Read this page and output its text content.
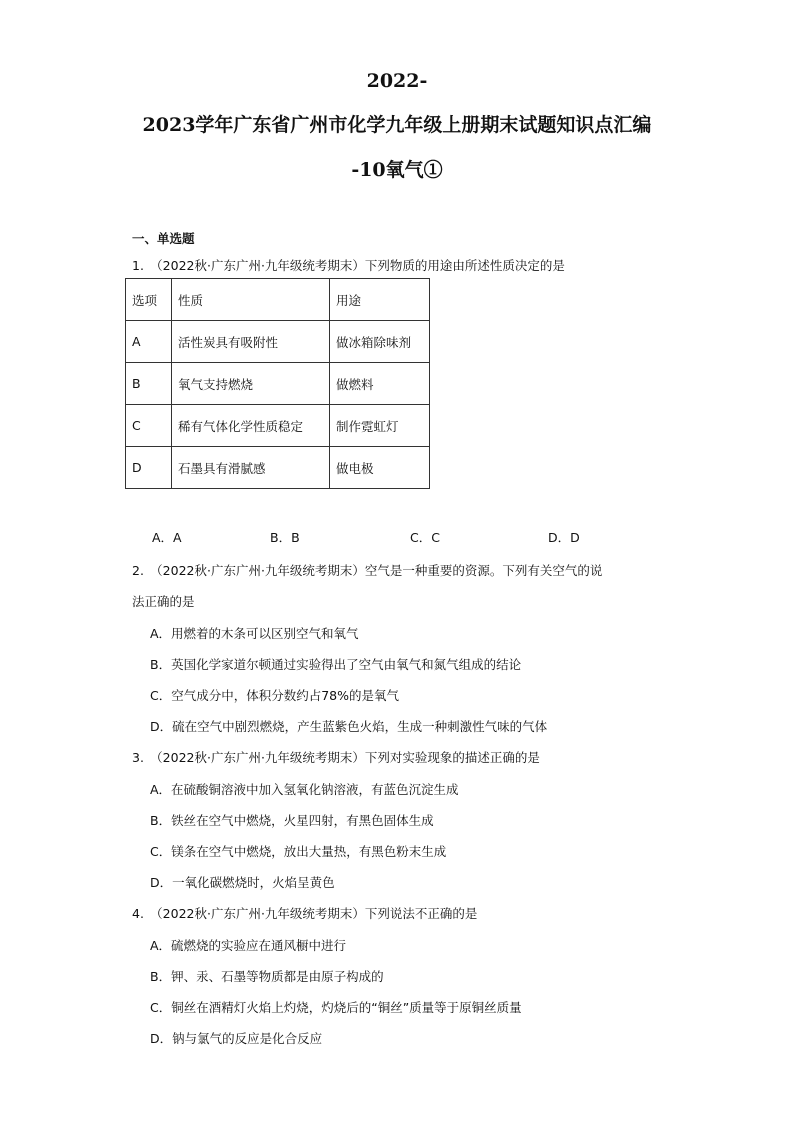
2022-
2023学年广东省广州市化学九年级上册期末试题知识点汇编
-10氧气①
一、单选题
1.　（2022秋·广东广州·九年级统考期末）下列物质的用途由所述性质决定的是
选项	性质	用途
A	活性炭具有吸附性	做冰箱除味剂
B	氧气支持燃烧	做燃料
C	稀有气体化学性质稳定	制作霓虹灯
D	石墨具有滑腻感	做电极
A．A	B．B	C．C	D．D
2.　（2022秋·广东广州·九年级统考期末）空气是一种重要的资源。下列有关空气的说
法正确的是
A．用燃着的木条可以区别空气和氧气
B．英国化学家道尔顿通过实验得出了空气由氧气和氮气组成的结论
C．空气成分中，体积分数约占78%的是氧气
D．硫在空气中剧烈燃烧，产生蓝紫色火焰，生成一种刺激性气味的气体
3.　（2022秋·广东广州·九年级统考期末）下列对实验现象的描述正确的是
A．在硫酸铜溶液中加入氢氧化钠溶液，有蓝色沉淀生成
B．铁丝在空气中燃烧，火星四射，有黑色固体生成
C．镁条在空气中燃烧，放出大量热，有黑色粉末生成
D．一氧化碳燃烧时，火焰呈黄色
4.　（2022秋·广东广州·九年级统考期末）下列说法不正确的是
A．硫燃烧的实验应在通风橱中进行
B．钾、汞、石墨等物质都是由原子构成的
C．铜丝在酒精灯火焰上灼烧，灼烧后的“铜丝”质量等于原铜丝质量
D．钠与氯气的反应是化合反应
